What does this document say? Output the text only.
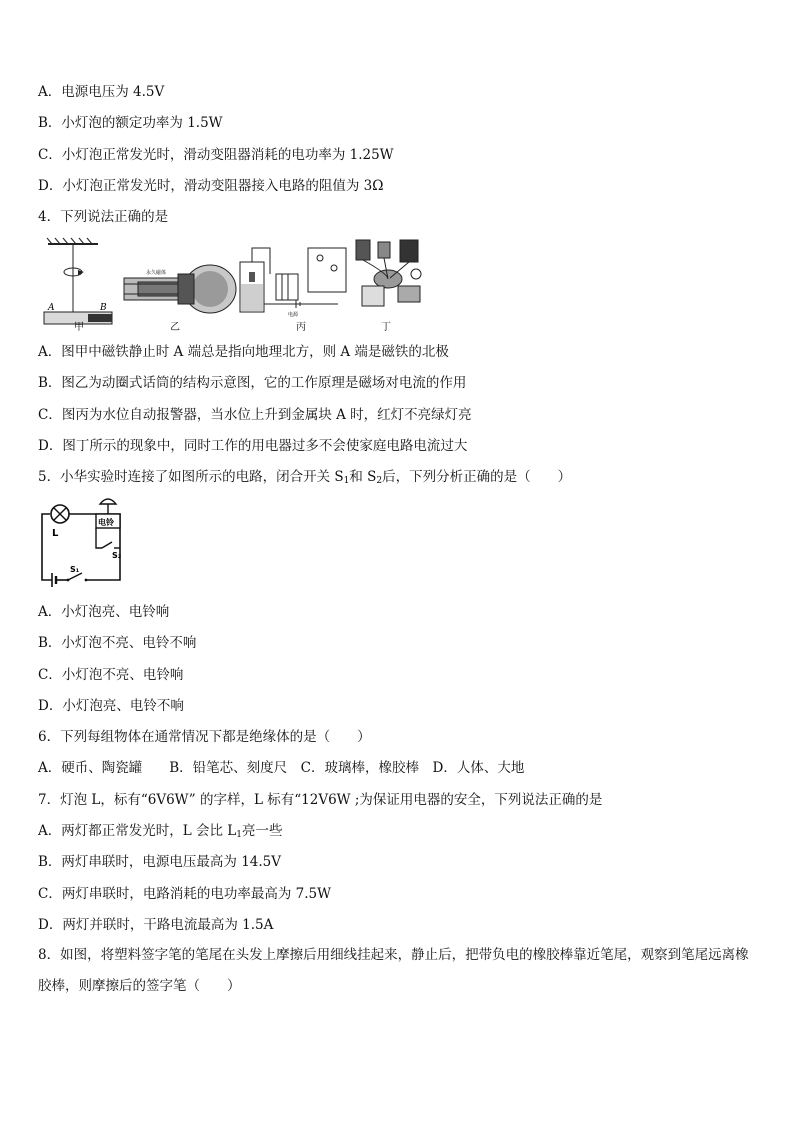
A．电源电压为 4.5V
B．小灯泡的额定功率为 1.5W
C．小灯泡正常发光时，滑动变阻器消耗的电功率为 1.25W
D．小灯泡正常发光时，滑动变阻器接入电路的阻值为 3Ω
4．下列说法正确的是
A	B
永久磁体
电源
甲	乙	丙	丁
A．图甲中磁铁静止时 A 端总是指向地理北方，则 A 端是磁铁的北极
B．图乙为动圈式话筒的结构示意图，它的工作原理是磁场对电流的作用
C．图丙为水位自动报警器，当水位上升到金属块 A 时，红灯不亮绿灯亮
D．图丁所示的现象中，同时工作的用电器过多不会使家庭电路电流过大
5．小华实验时连接了如图所示的电路，闭合开关 $S_1$和 $S_2$后，下列分析正确的是（　　）
L
电铃
S₂
S₁
A．小灯泡亮、电铃响
B．小灯泡不亮、电铃不响
C．小灯泡不亮、电铃响
D．小灯泡亮、电铃不响
6．下列每组物体在通常情况下都是绝缘体的是（　　）
A．硬币、陶瓷罐　　B．铅笔芯、刻度尺　C．玻璃棒，橡胶棒　D．人体、大地
7．灯泡 L，标有“6V6W” 的字样，L 标有“12V6W ;为保证用电器的安全，下列说法正确的是
A．两灯都正常发光时，L 会比 $L_1$亮一些
B．两灯串联时，电源电压最高为 14.5V
C．两灯串联时，电路消耗的电功率最高为 7.5W
D．两灯并联时，干路电流最高为 1.5A
8．如图，将塑料签字笔的笔尾在头发上摩擦后用细线挂起来，静止后，把带负电的橡胶棒靠近笔尾，观察到笔尾远离橡胶棒，则摩擦后的签字笔（　　）
